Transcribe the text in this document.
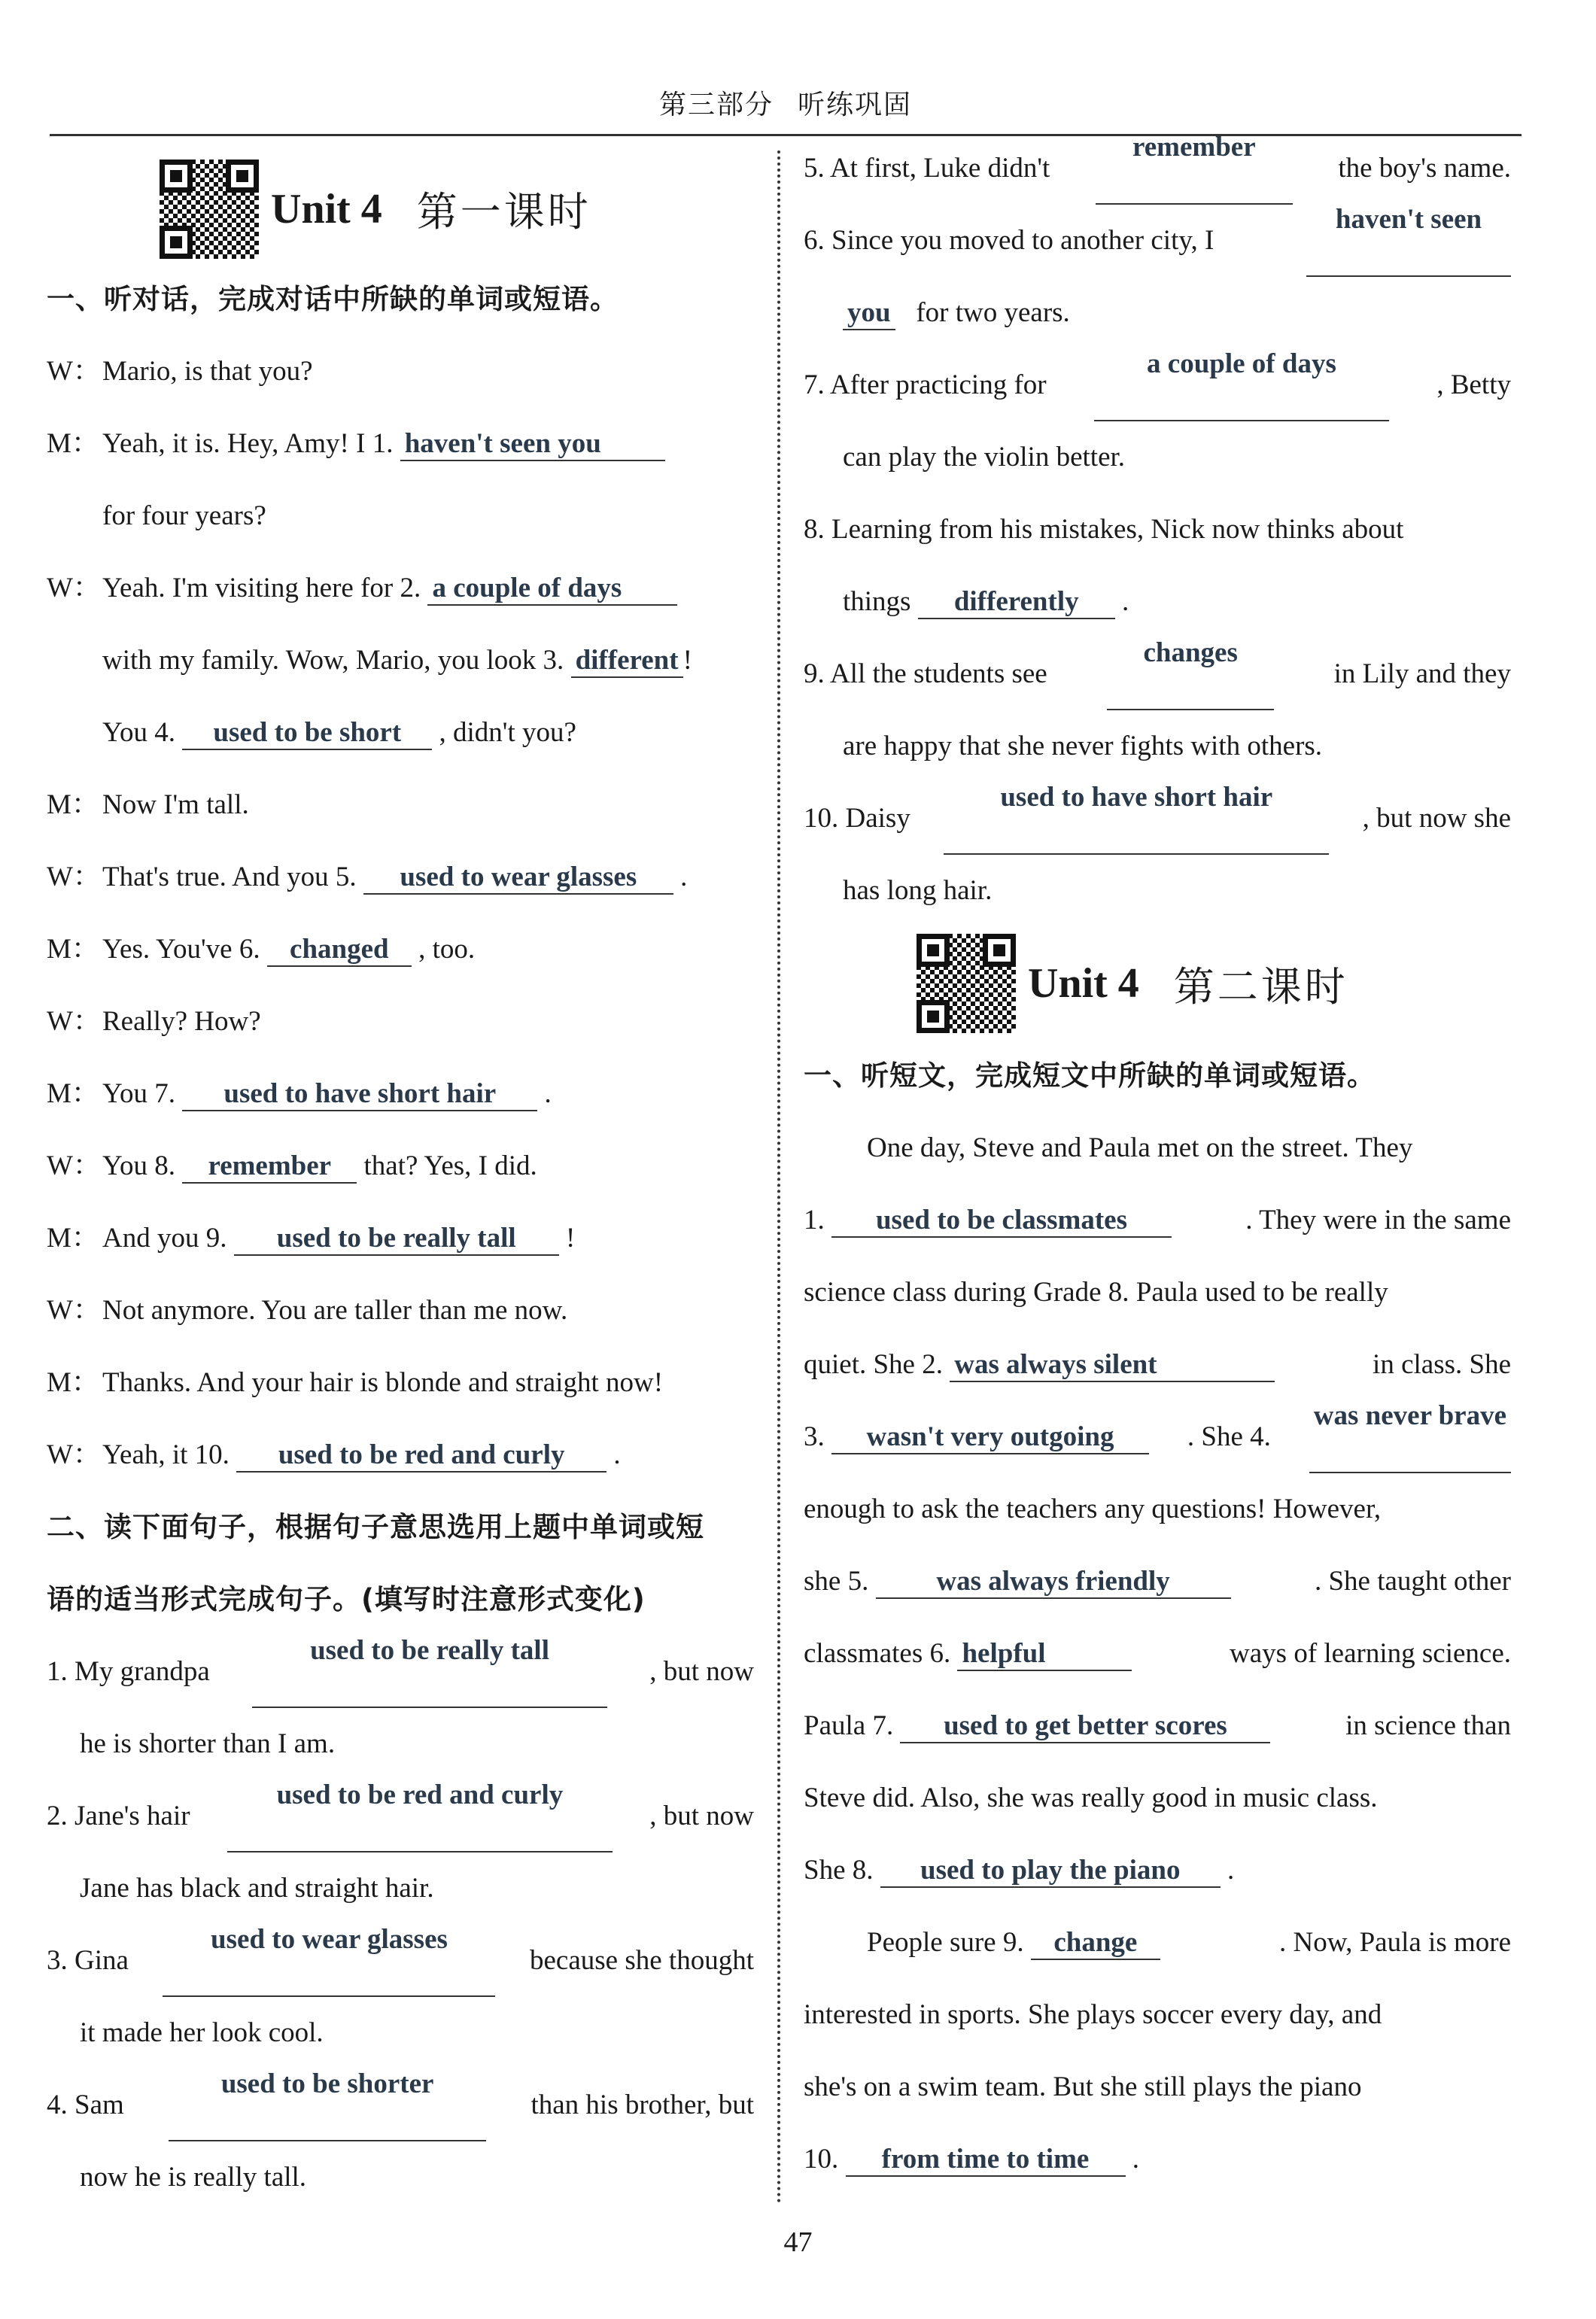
第三部分 听练巩固
Unit 4 第一课时
一、听对话，完成对话中所缺的单词或短语。
W：Mario, is that you?
M： Yeah, it is. Hey, Amy! I 1. haven't seen you
for four years?
W：Yeah. I'm visiting here for 2. a couple of days
with my family. Wow, Mario, you look 3. different !
You 4. used to be short , didn't you?
M： Now I'm tall.
W：That's true. And you 5. used to wear glasses .
M： Yes. You've 6. changed , too.
W：Really? How?
M： You 7. used to have short hair .
W：You 8. remember that? Yes, I did.
M： And you 9. used to be really tall !
W：Not anymore. You are taller than me now.
M： Thanks. And your hair is blonde and straight now!
W：Yeah, it 10. used to be red and curly .
二、读下面句子，根据句子意思选用上题中单词或短
语的适当形式完成句子。(填写时注意形式变化)
1. My grandpa
used to be really tall
, but now
he is shorter than I am.
2. Jane's hair
used to be red and curly
, but now
Jane has black and straight hair.
3. Gina
used to wear glasses
because she thought
it made her look cool.
4. Sam
used to be shorter
than his brother, but
now he is really tall.
5. At first, Luke didn't
remember
the boy's name.
6. Since you moved to another city, I
haven't seen
you for two years.
7. After practicing for
a couple of days
, Betty
can play the violin better.
8. Learning from his mistakes, Nick now thinks about
things differently .
9. All the students see
changes
in Lily and they
are happy that she never fights with others.
10. Daisy
used to have short hair
, but now she
has long hair.
Unit 4 第二课时
一、听短文，完成短文中所缺的单词或短语。
One day, Steve and Paula met on the street. They
1. used to be classmates	. They were in the same
science class during Grade 8. Paula used to be really
quiet. She 2. was always silent	in class. She
3. wasn't very outgoing	. She 4.
was never brave
enough to ask the teachers any questions! However,
she 5. was always friendly	. She taught other
classmates 6. helpful	ways of learning science.
Paula 7. used to get better scores	in science than
Steve did. Also, she was really good in music class.
She 8. used to play the piano .
People sure 9. change	. Now, Paula is more
interested in sports. She plays soccer every day, and
she's on a swim team. But she still plays the piano
10. from time to time .
47
